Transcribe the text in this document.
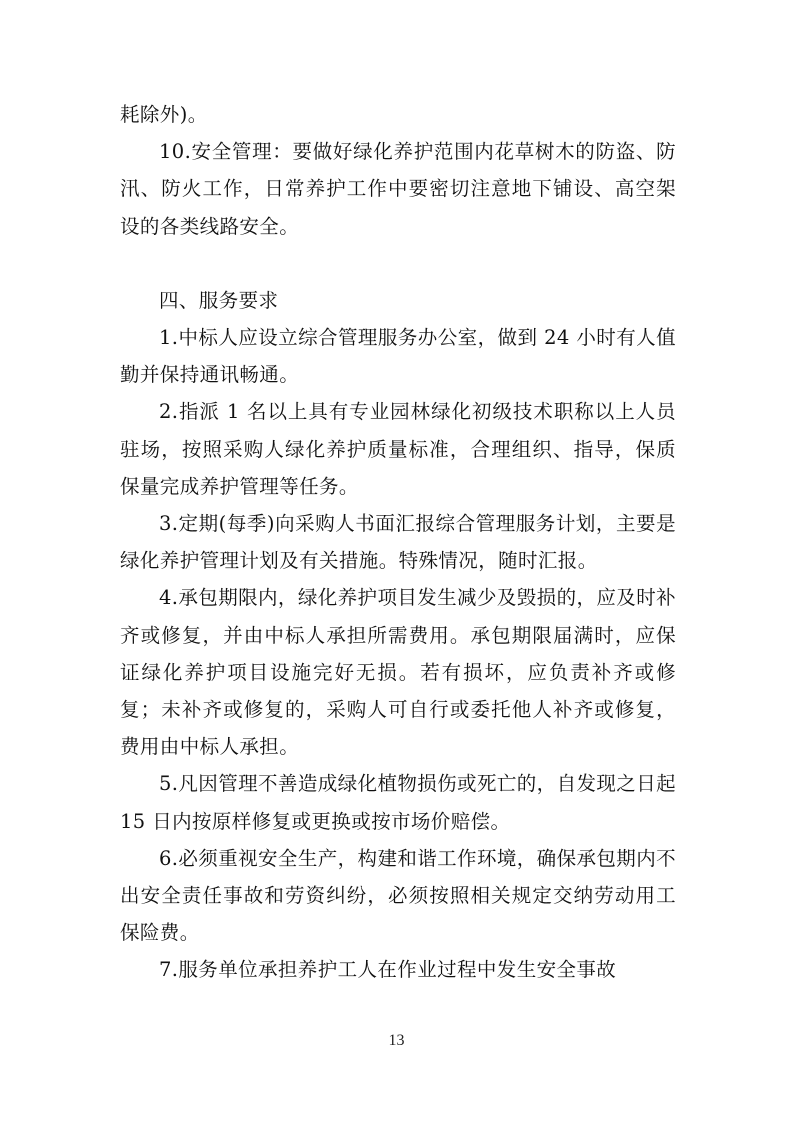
耗除外)。

10.安全管理：要做好绿化养护范围内花草树木的防盗、防汛、防火工作，日常养护工作中要密切注意地下铺设、高空架设的各类线路安全。

四、服务要求

1.中标人应设立综合管理服务办公室，做到 24 小时有人值勤并保持通讯畅通。

2.指派 1 名以上具有专业园林绿化初级技术职称以上人员驻场，按照采购人绿化养护质量标准，合理组织、指导，保质保量完成养护管理等任务。

3.定期(每季)向采购人书面汇报综合管理服务计划，主要是绿化养护管理计划及有关措施。特殊情况，随时汇报。

4.承包期限内，绿化养护项目发生减少及毁损的，应及时补齐或修复，并由中标人承担所需费用。承包期限届满时，应保证绿化养护项目设施完好无损。若有损坏，应负责补齐或修复；未补齐或修复的，采购人可自行或委托他人补齐或修复，费用由中标人承担。

5.凡因管理不善造成绿化植物损伤或死亡的，自发现之日起 15 日内按原样修复或更换或按市场价赔偿。

6.必须重视安全生产，构建和谐工作环境，确保承包期内不出安全责任事故和劳资纠纷，必须按照相关规定交纳劳动用工保险费。

7.服务单位承担养护工人在作业过程中发生安全事故

13
